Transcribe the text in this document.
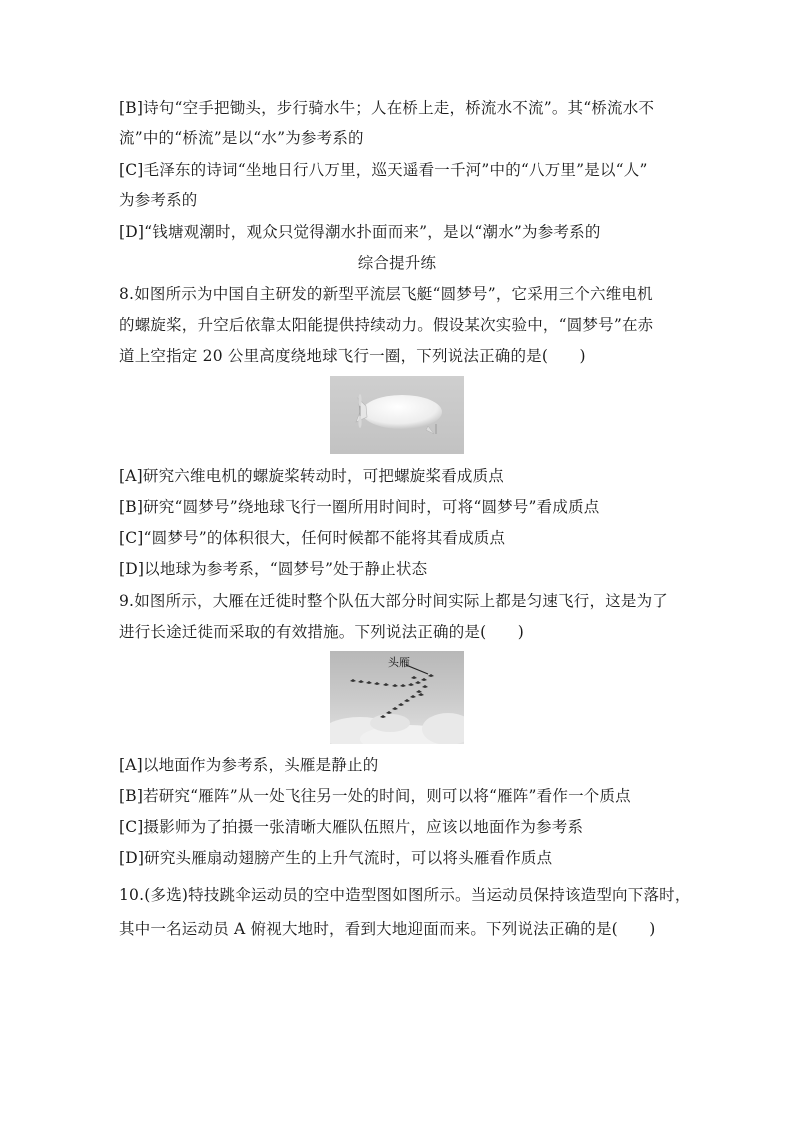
[B]诗句“空手把锄头，步行骑水牛；人在桥上走，桥流水不流”。其“桥流水不
流”中的“桥流”是以“水”为参考系的
[C]毛泽东的诗词“坐地日行八万里，巡天遥看一千河”中的“八万里”是以“人”
为参考系的
[D]“钱塘观潮时，观众只觉得潮水扑面而来”，是以“潮水”为参考系的
综合提升练
8.如图所示为中国自主研发的新型平流层飞艇“圆梦号”，它采用三个六维电机
的螺旋桨，升空后依靠太阳能提供持续动力。假设某次实验中，“圆梦号”在赤
道上空指定 20 公里高度绕地球飞行一圈，下列说法正确的是(　　)
[A]研究六维电机的螺旋桨转动时，可把螺旋桨看成质点
[B]研究“圆梦号”绕地球飞行一圈所用时间时，可将“圆梦号”看成质点
[C]“圆梦号”的体积很大，任何时候都不能将其看成质点
[D]以地球为参考系，“圆梦号”处于静止状态
9.如图所示，大雁在迁徙时整个队伍大部分时间实际上都是匀速飞行，这是为了
进行长途迁徙而采取的有效措施。下列说法正确的是(　　)
头雁
[A]以地面作为参考系，头雁是静止的
[B]若研究“雁阵”从一处飞往另一处的时间，则可以将“雁阵”看作一个质点
[C]摄影师为了拍摄一张清晰大雁队伍照片，应该以地面作为参考系
[D]研究头雁扇动翅膀产生的上升气流时，可以将头雁看作质点
10.(多选)特技跳伞运动员的空中造型图如图所示。当运动员保持该造型向下落时，
其中一名运动员 A 俯视大地时，看到大地迎面而来。下列说法正确的是(　　)
